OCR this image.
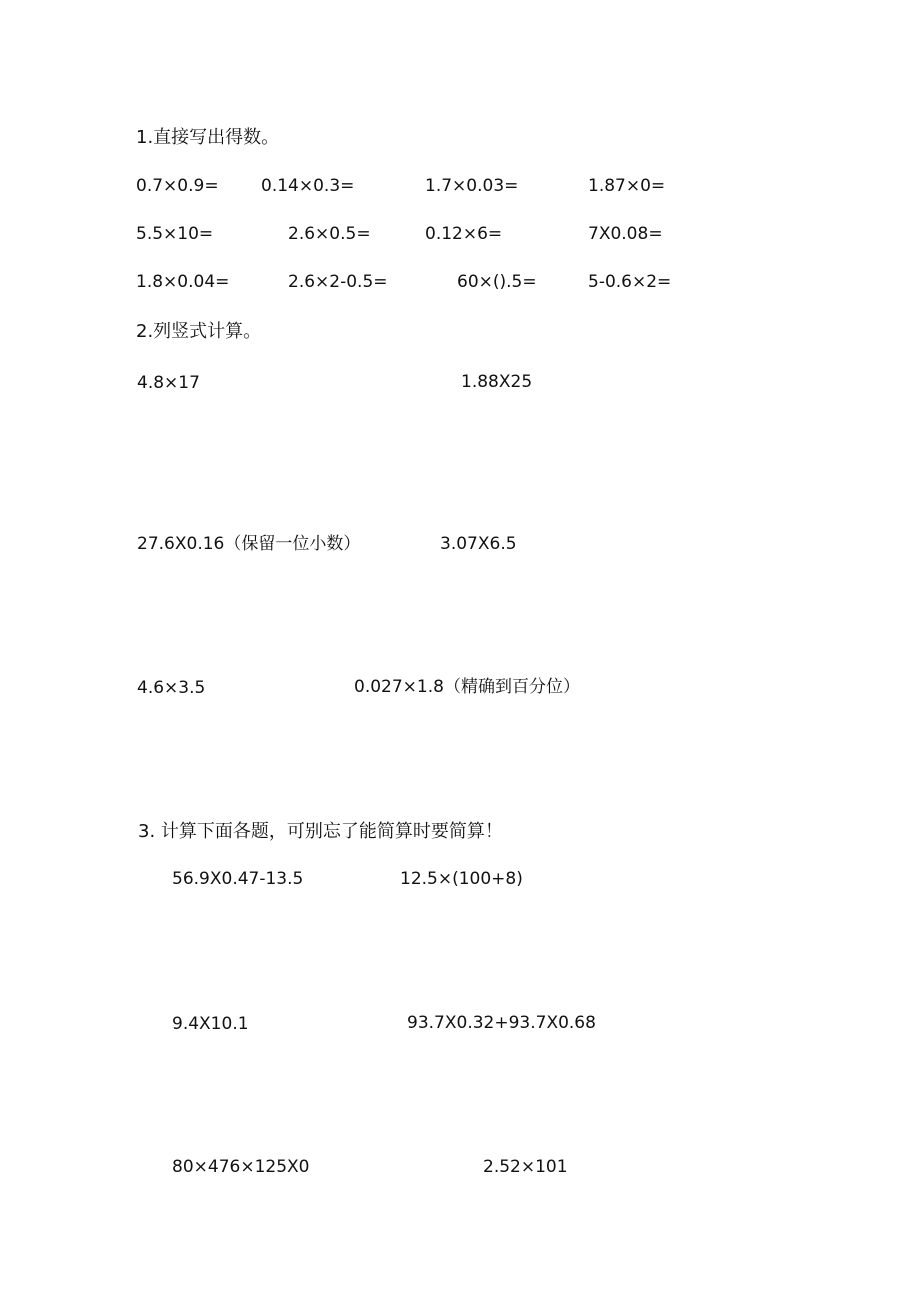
1.直接写出得数。
0.7×0.9= 0.14×0.3=	1.7×0.03=	1.87×0=
5.5×10=	2.6×0.5=	0.12×6=	7X0.08=
1.8×0.04=	2.6×2-0.5=	60×().5=	5-0.6×2=
2.列竖式计算。
4.8×17	1.88X25
27.6X0.16（保留一位小数）	3.07X6.5
4.6×3.5	0.027×1.8（精确到百分位）
3. 计算下面各题，可别忘了能简算时要简算！
56.9X0.47-13.5	12.5×(100+8)
9.4X10.1	93.7X0.32+93.7X0.68
80×476×125X0	2.52×101
